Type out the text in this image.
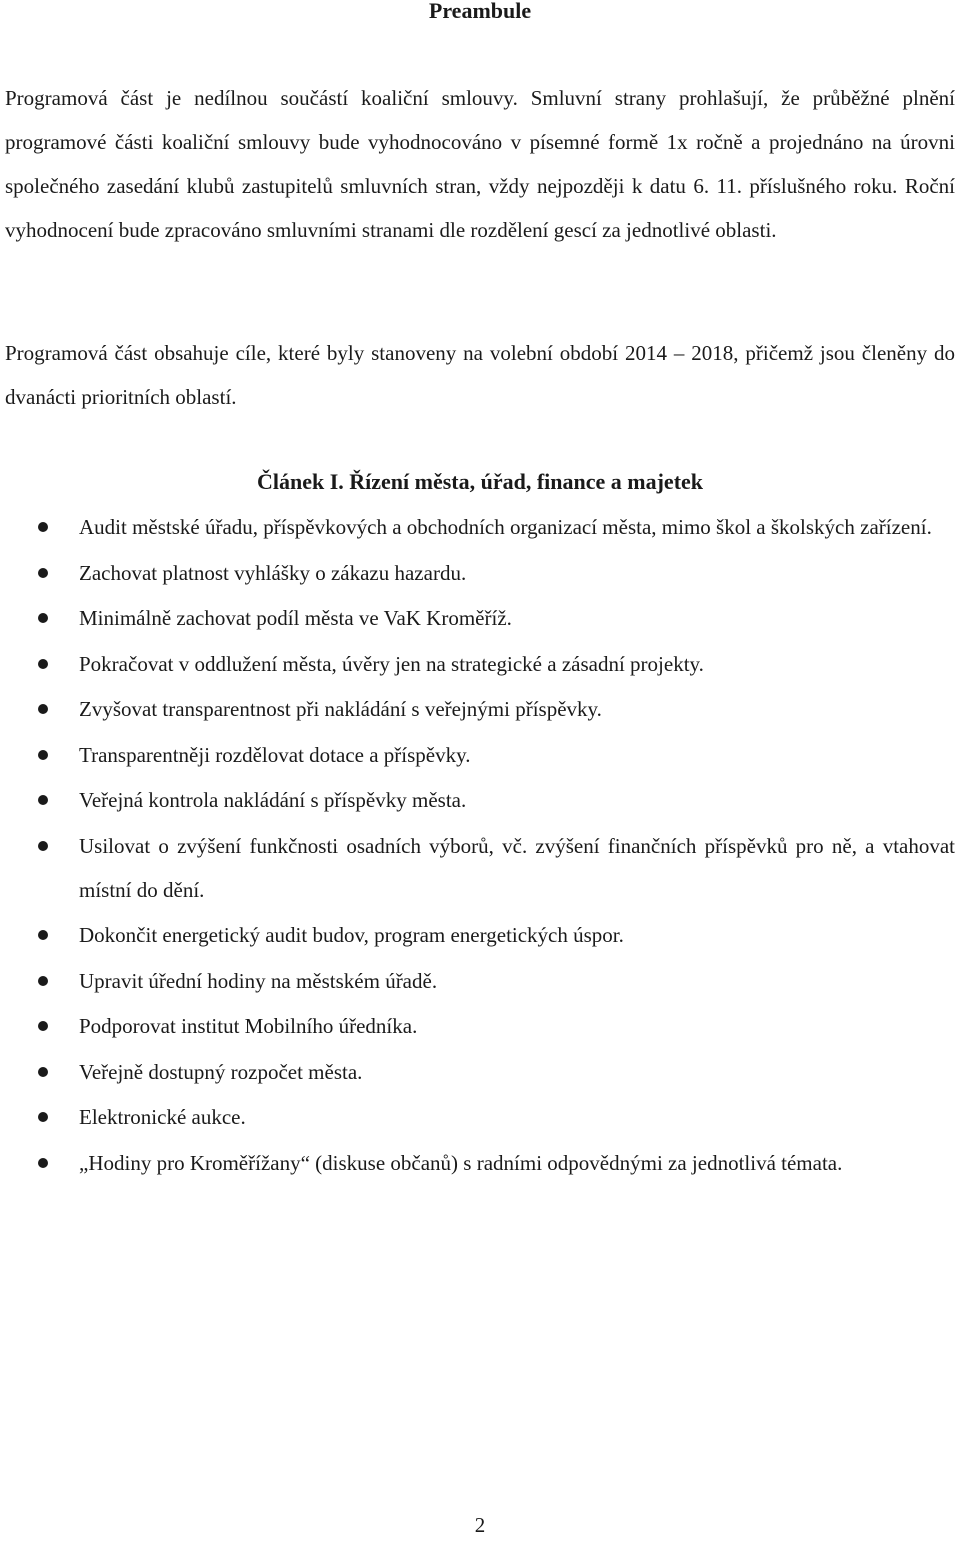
Preambule

Programová část je nedílnou součástí koaliční smlouvy. Smluvní strany prohlašují, že průběžné plnění programové části koaliční smlouvy bude vyhodnocováno v písemné formě 1x ročně a projednáno na úrovni společného zasedání klubů zastupitelů smluvních stran, vždy nejpozději k datu 6. 11. příslušného roku. Roční vyhodnocení bude zpracováno smluvními stranami dle rozdělení gescí za jednotlivé oblasti.

Programová část obsahuje cíle, které byly stanoveny na volební období 2014 – 2018, přičemž jsou členěny do dvanácti prioritních oblastí.

Článek I. Řízení města, úřad, finance a majetek
Audit městské úřadu, příspěvkových a obchodních organizací města, mimo škol a školských zařízení.
Zachovat platnost vyhlášky o zákazu hazardu.
Minimálně zachovat podíl města ve VaK Kroměříž.
Pokračovat v oddlužení města, úvěry jen na strategické a zásadní projekty.
Zvyšovat transparentnost při nakládání s veřejnými příspěvky.
Transparentněji rozdělovat dotace a příspěvky.
Veřejná kontrola nakládání s příspěvky města.
Usilovat o zvýšení funkčnosti osadních výborů, vč. zvýšení finančních příspěvků pro ně, a vtahovat místní do dění.
Dokončit energetický audit budov, program energetických úspor.
Upravit úřední hodiny na městském úřadě.
Podporovat institut Mobilního úředníka.
Veřejně dostupný rozpočet města.
Elektronické aukce.
„Hodiny pro Kroměřížany“ (diskuse občanů) s radními odpovědnými za jednotlivá témata.
2
